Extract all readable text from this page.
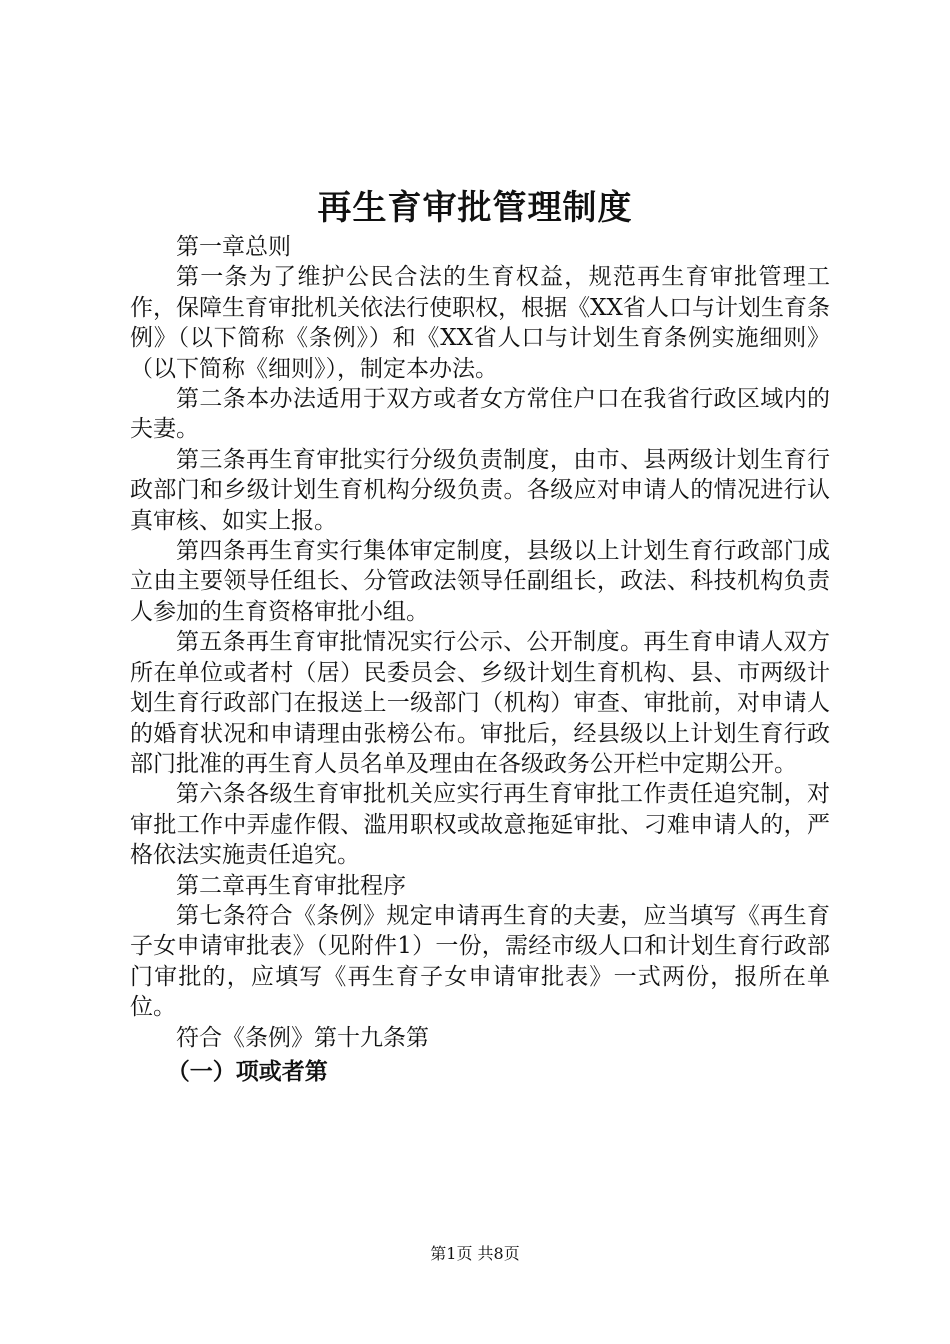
再生育审批管理制度

第一章总则

第一条为了维护公民合法的生育权益，规范再生育审批管理工作，保障生育审批机关依法行使职权，根据《XX省人口与计划生育条例》（以下简称《条例》）和《XX省人口与计划生育条例实施细则》（以下简称《细则》），制定本办法。

第二条本办法适用于双方或者女方常住户口在我省行政区域内的夫妻。

第三条再生育审批实行分级负责制度，由市、县两级计划生育行政部门和乡级计划生育机构分级负责。各级应对申请人的情况进行认真审核、如实上报。

第四条再生育实行集体审定制度，县级以上计划生育行政部门成立由主要领导任组长、分管政法领导任副组长，政法、科技机构负责人参加的生育资格审批小组。

第五条再生育审批情况实行公示、公开制度。再生育申请人双方所在单位或者村（居）民委员会、乡级计划生育机构、县、市两级计划生育行政部门在报送上一级部门（机构）审查、审批前，对申请人的婚育状况和申请理由张榜公布。审批后，经县级以上计划生育行政部门批准的再生育人员名单及理由在各级政务公开栏中定期公开。

第六条各级生育审批机关应实行再生育审批工作责任追究制，对审批工作中弄虚作假、滥用职权或故意拖延审批、刁难申请人的，严格依法实施责任追究。

第二章再生育审批程序

第七条符合《条例》规定申请再生育的夫妻，应当填写《再生育子女申请审批表》（见附件1）一份，需经市级人口和计划生育行政部门审批的，应填写《再生育子女申请审批表》一式两份，报所在单位。

符合《条例》第十九条第

（一）项或者第

第1页 共8页
